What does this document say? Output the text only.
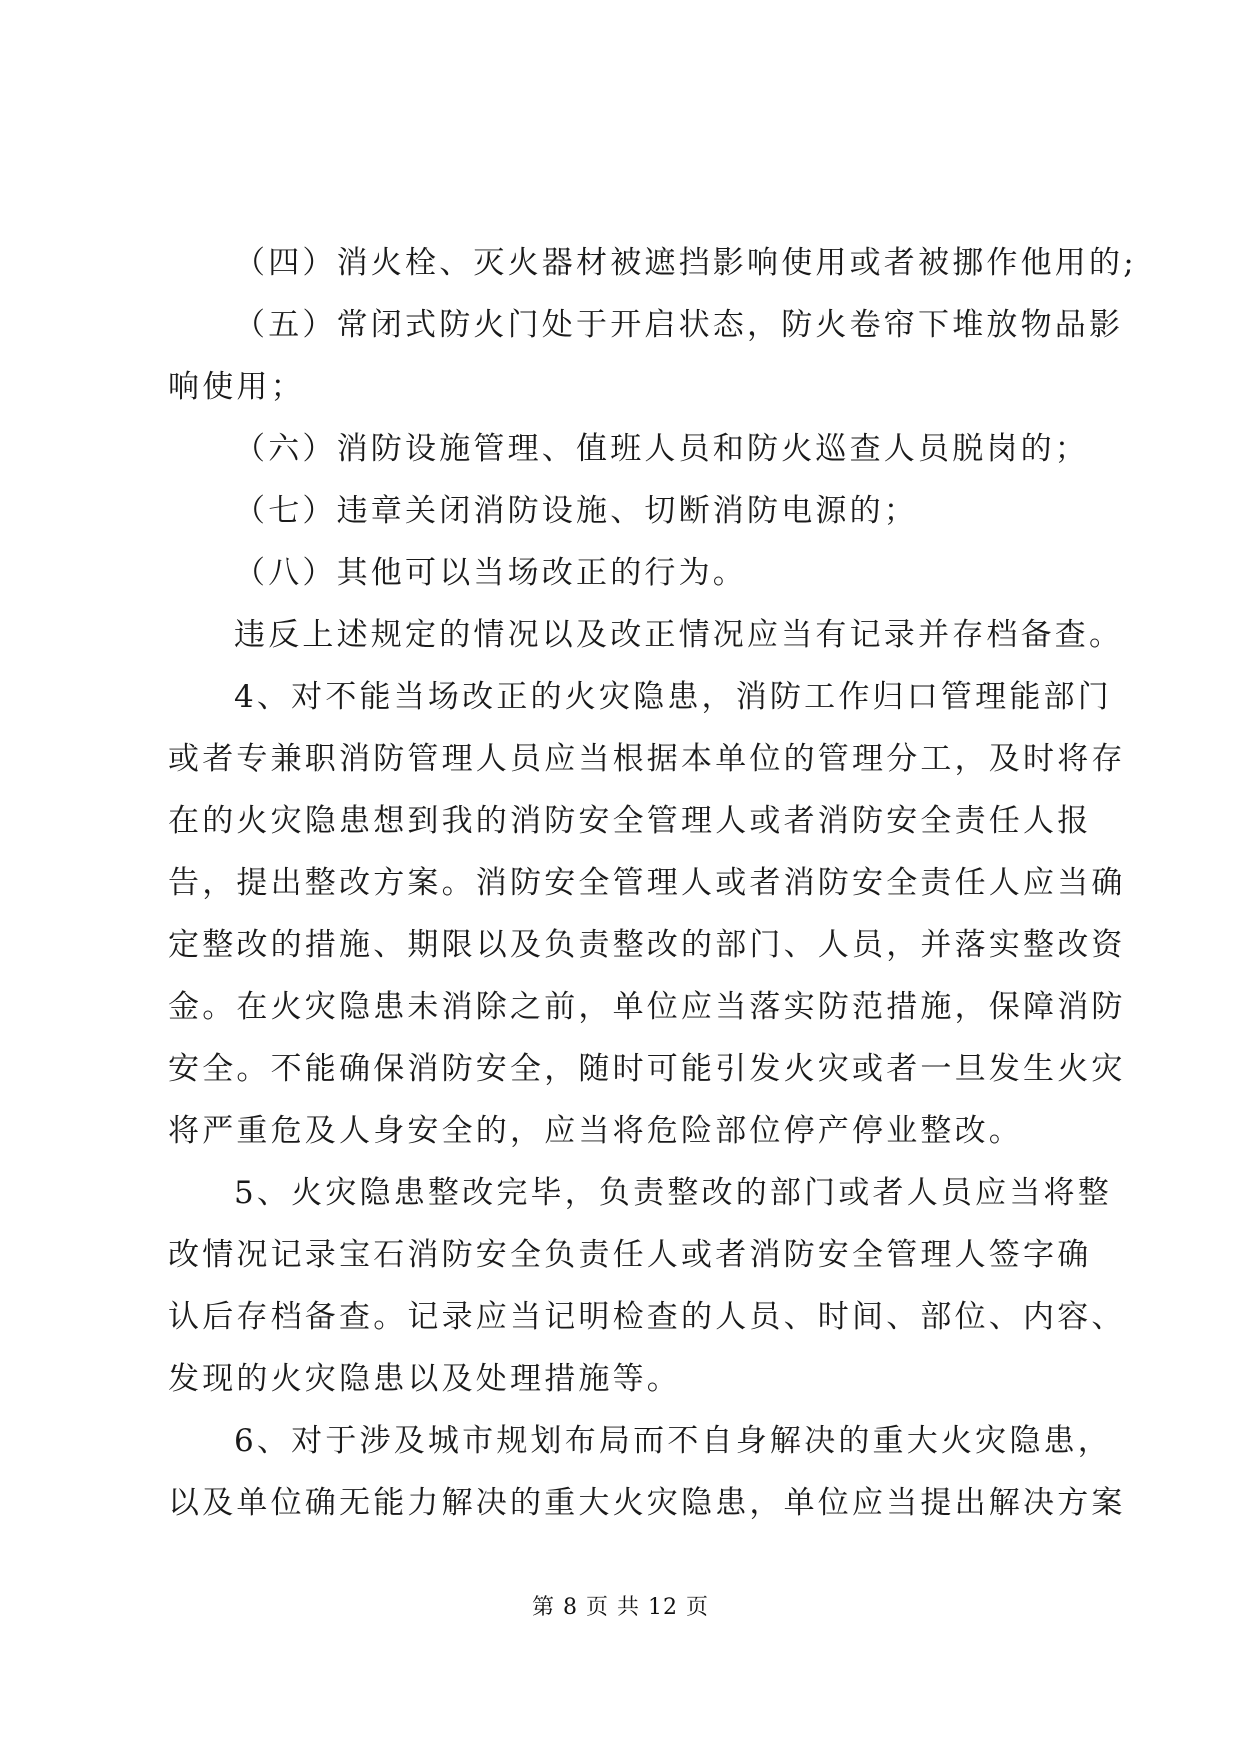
（四）消火栓、灭火器材被遮挡影响使用或者被挪作他用的;
（五）常闭式防火门处于开启状态，防火卷帘下堆放物品影
响使用；
（六）消防设施管理、值班人员和防火巡查人员脱岗的；
（七）违章关闭消防设施、切断消防电源的；
（八）其他可以当场改正的行为。
违反上述规定的情况以及改正情况应当有记录并存档备查。
4、对不能当场改正的火灾隐患，消防工作归口管理能部门
或者专兼职消防管理人员应当根据本单位的管理分工，及时将存
在的火灾隐患想到我的消防安全管理人或者消防安全责任人报
告，提出整改方案。消防安全管理人或者消防安全责任人应当确
定整改的措施、期限以及负责整改的部门、人员，并落实整改资
金。在火灾隐患未消除之前，单位应当落实防范措施，保障消防
安全。不能确保消防安全，随时可能引发火灾或者一旦发生火灾
将严重危及人身安全的，应当将危险部位停产停业整改。
5、火灾隐患整改完毕，负责整改的部门或者人员应当将整
改情况记录宝石消防安全负责任人或者消防安全管理人签字确
认后存档备查。记录应当记明检查的人员、时间、部位、内容、
发现的火灾隐患以及处理措施等。
6、对于涉及城市规划布局而不自身解决的重大火灾隐患，
以及单位确无能力解决的重大火灾隐患，单位应当提出解决方案
第 8 页 共 12 页
